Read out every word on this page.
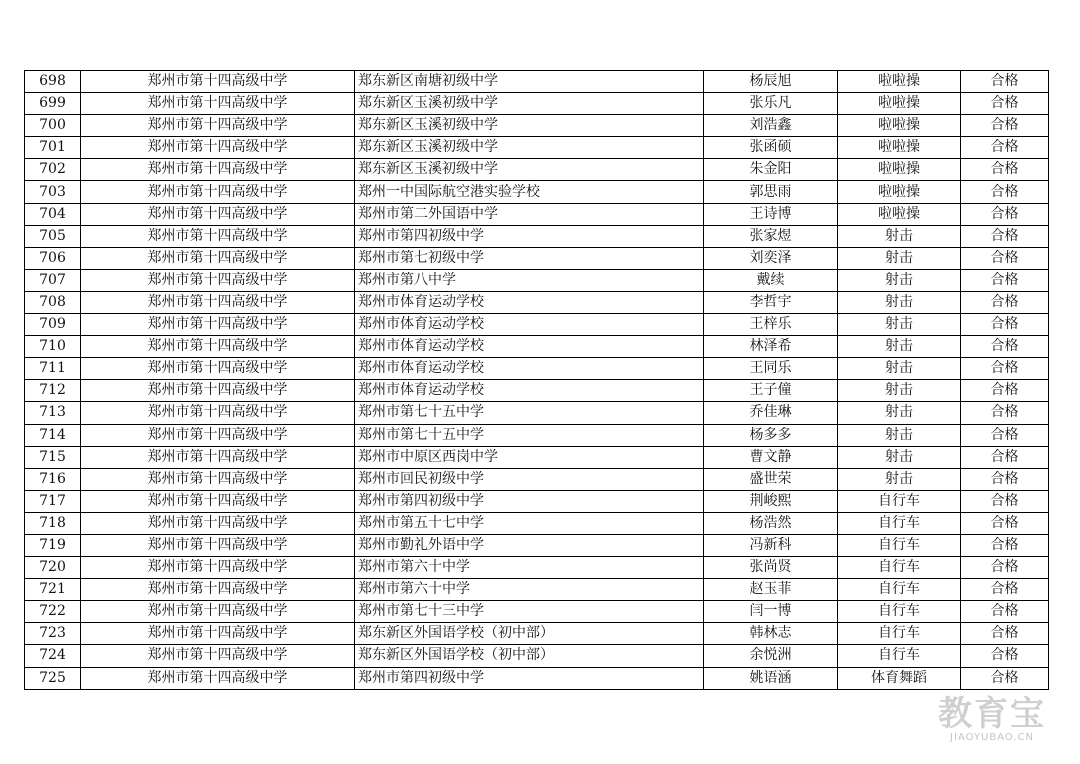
698	郑州市第十四高级中学	郑东新区南塘初级中学	杨辰旭	啦啦操	合格
699	郑州市第十四高级中学	郑东新区玉溪初级中学	张乐凡	啦啦操	合格
700	郑州市第十四高级中学	郑东新区玉溪初级中学	刘浩鑫	啦啦操	合格
701	郑州市第十四高级中学	郑东新区玉溪初级中学	张函硕	啦啦操	合格
702	郑州市第十四高级中学	郑东新区玉溪初级中学	朱金阳	啦啦操	合格
703	郑州市第十四高级中学	郑州一中国际航空港实验学校	郭思雨	啦啦操	合格
704	郑州市第十四高级中学	郑州市第二外国语中学	王诗博	啦啦操	合格
705	郑州市第十四高级中学	郑州市第四初级中学	张家煜	射击	合格
706	郑州市第十四高级中学	郑州市第七初级中学	刘奕泽	射击	合格
707	郑州市第十四高级中学	郑州市第八中学	戴续	射击	合格
708	郑州市第十四高级中学	郑州市体育运动学校	李哲宇	射击	合格
709	郑州市第十四高级中学	郑州市体育运动学校	王梓乐	射击	合格
710	郑州市第十四高级中学	郑州市体育运动学校	林泽希	射击	合格
711	郑州市第十四高级中学	郑州市体育运动学校	王同乐	射击	合格
712	郑州市第十四高级中学	郑州市体育运动学校	王子僮	射击	合格
713	郑州市第十四高级中学	郑州市第七十五中学	乔佳琳	射击	合格
714	郑州市第十四高级中学	郑州市第七十五中学	杨多多	射击	合格
715	郑州市第十四高级中学	郑州市中原区西岗中学	曹文静	射击	合格
716	郑州市第十四高级中学	郑州市回民初级中学	盛世荣	射击	合格
717	郑州市第十四高级中学	郑州市第四初级中学	荆峻熙	自行车	合格
718	郑州市第十四高级中学	郑州市第五十七中学	杨浩然	自行车	合格
719	郑州市第十四高级中学	郑州市勤礼外语中学	冯新科	自行车	合格
720	郑州市第十四高级中学	郑州市第六十中学	张尚贤	自行车	合格
721	郑州市第十四高级中学	郑州市第六十中学	赵玉菲	自行车	合格
722	郑州市第十四高级中学	郑州市第七十三中学	闫一博	自行车	合格
723	郑州市第十四高级中学	郑东新区外国语学校（初中部）	韩林志	自行车	合格
724	郑州市第十四高级中学	郑东新区外国语学校（初中部）	余悦洲	自行车	合格
725	郑州市第十四高级中学	郑州市第四初级中学	姚语涵	体育舞蹈	合格
教育宝
JIAOYUBAO.CN
